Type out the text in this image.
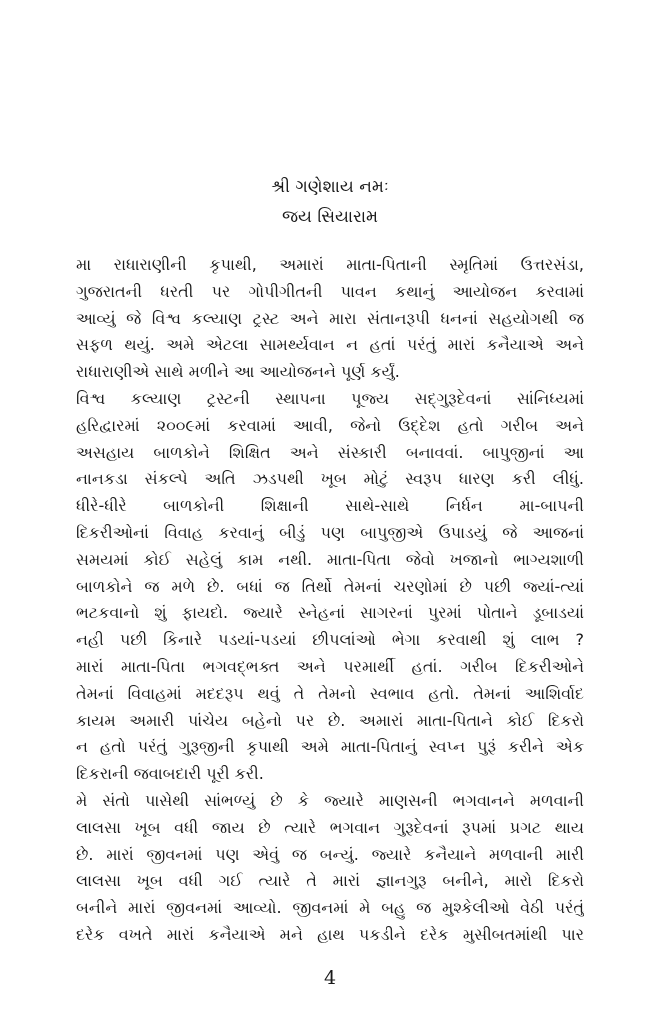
શ્રી ગણેશાય નમઃ
જય સિયારામ
મા રાધારાણીની કૃપાથી, અમારાં માતા-પિતાની સ્મૃતિમાં ઉત્તરસંડા,
ગુજરાતની ધરતી પર ગોપીગીતની પાવન કથાનું આયોજન કરવામાં
આવ્યું જે વિશ્વ કલ્યાણ ટ્રસ્ટ અને મારા સંતાનરૂપી ધનનાં સહયોગથી જ
સફળ થયું. અમે એટલા સામર્થ્યવાન ન હતાં પરંતું મારાં કનૈયાએ અને
રાધારાણીએ સાથે મળીને આ આયોજનને પૂર્ણ કર્યું.
વિશ્વ કલ્યાણ ટ્રસ્ટની સ્થાપના પૂજ્ય સદ્ગુરૂદેવનાં સાંનિધ્યમાં
હરિદ્વારમાં ૨૦૦૯માં કરવામાં આવી, જેનો ઉદ્દેશ હતો ગરીબ અને
અસહાય બાળકોને શિક્ષિત અને સંસ્કારી બનાવવાં. બાપુજીનાં આ
નાનકડા સંકલ્પે અતિ ઝડપથી ખૂબ મોટું સ્વરૂપ ધારણ કરી લીધું.
ધીરે-ધીરે બાળકોની શિક્ષાની સાથે-સાથે નિર્ધન મા-બાપની
દિકરીઓનાં વિવાહ કરવાનું બીડું પણ બાપુજીએ ઉપાડયું જે આજનાં
સમયમાં કોઈ સહેલું કામ નથી. માતા-પિતા જેવો ખજાનો ભાગ્યશાળી
બાળકોને જ મળે છે. બધાં જ તિર્થો તેમનાં ચરણોમાં છે પછી જ્યાં-ત્યાં
ભટકવાનો શું ફાયદો. જ્યારે સ્નેહનાં સાગરનાં પુરમાં પોતાને ડૂબાડયાં
નહી પછી કિનારે પડયાં-પડયાં છીપલાંઓ ભેગા કરવાથી શું લાભ ?
મારાં માતા-પિતા ભગવદ્ભક્ત અને પરમાર્થી હતાં. ગરીબ દિકરીઓને
તેમનાં વિવાહમાં મદદરૂપ થવું તે તેમનો સ્વભાવ હતો. તેમનાં આશિર્વાદ
કાયમ અમારી પાંચેય બહેનો પર છે. અમારાં માતા-પિતાને કોઈ દિકરો
ન હતો પરંતું ગુરૂજીની કૃપાથી અમે માતા-પિતાનું સ્વપ્ન પુરૂં કરીને એક
દિકરાની જવાબદારી પૂરી કરી.
મે સંતો પાસેથી સાંભળ્યું છે કે જ્યારે માણસની ભગવાનને મળવાની
લાલસા ખૂબ વધી જાય છે ત્યારે ભગવાન ગુરૂદેવનાં રૂપમાં પ્રગટ થાય
છે. મારાં જીવનમાં પણ એવું જ બન્યું. જ્યારે કનૈયાને મળવાની મારી
લાલસા ખૂબ વધી ગઈ ત્યારે તે મારાં જ્ઞાનગુરૂ બનીને, મારો દિકરો
બનીને મારાં જીવનમાં આવ્યો. જીવનમાં મે બહુ જ મુશ્કેલીઓ વેઠી પરંતું
દરેક વખતે મારાં કનૈયાએ મને હાથ પકડીને દરેક મુસીબતમાંથી પાર
4
